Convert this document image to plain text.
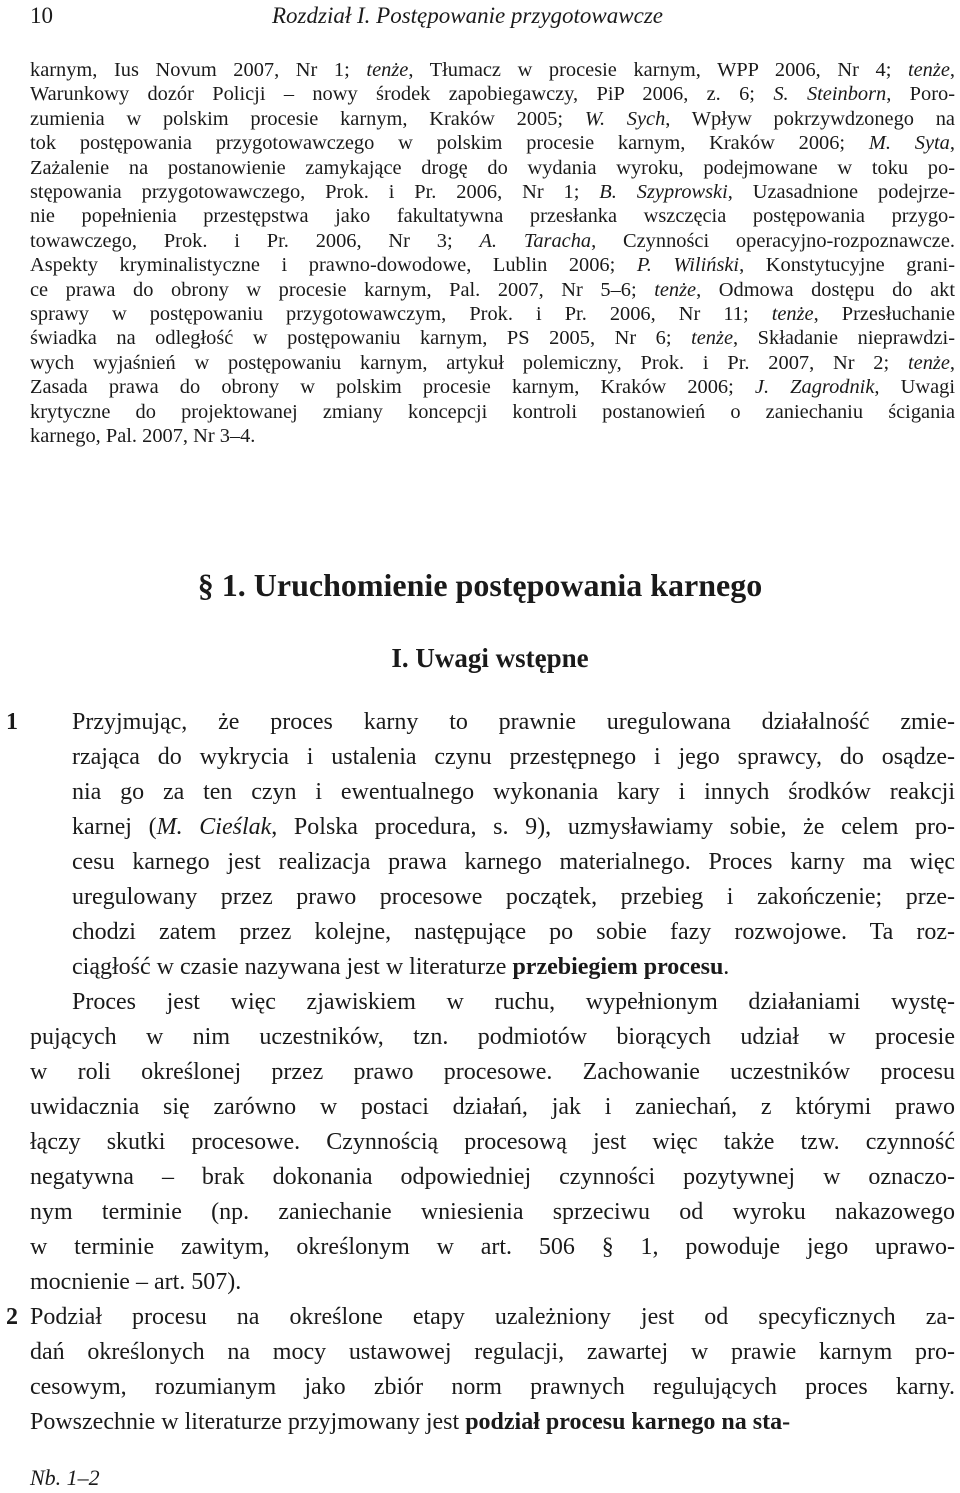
10	Rozdział I. Postępowanie przygotowawcze
karnym, Ius Novum 2007, Nr 1; tenże, Tłumacz w procesie karnym, WPP 2006, Nr 4; tenże,
Warunkowy dozór Policji – nowy środek zapobiegawczy, PiP 2006, z. 6; S. Steinborn, Poro-
zumienia w polskim procesie karnym, Kraków 2005; W. Sych, Wpływ pokrzywdzonego na
tok postępowania przygotowawczego w polskim procesie karnym, Kraków 2006; M. Syta,
Zażalenie na postanowienie zamykające drogę do wydania wyroku, podejmowane w toku po-
stępowania przygotowawczego, Prok. i Pr. 2006, Nr 1; B. Szyprowski, Uzasadnione podejrze-
nie popełnienia przestępstwa jako fakultatywna przesłanka wszczęcia postępowania przygo-
towawczego, Prok. i Pr. 2006, Nr 3; A. Taracha, Czynności operacyjno-rozpoznawcze.
Aspekty kryminalistyczne i prawno-dowodowe, Lublin 2006; P. Wiliński, Konstytucyjne grani-
ce prawa do obrony w procesie karnym, Pal. 2007, Nr 5–6; tenże, Odmowa dostępu do akt
sprawy w postępowaniu przygotowawczym, Prok. i Pr. 2006, Nr 11; tenże, Przesłuchanie
świadka na odległość w postępowaniu karnym, PS 2005, Nr 6; tenże, Składanie nieprawdzi-
wych wyjaśnień w postępowaniu karnym, artykuł polemiczny, Prok. i Pr. 2007, Nr 2; tenże,
Zasada prawa do obrony w polskim procesie karnym, Kraków 2006; J. Zagrodnik, Uwagi
krytyczne do projektowanej zmiany koncepcji kontroli postanowień o zaniechaniu ścigania
karnego, Pal. 2007, Nr 3–4.
§ 1. Uruchomienie postępowania karnego
I. Uwagi wstępne
1 Przyjmując, że proces karny to prawnie uregulowana działalność zmie-
rzająca do wykrycia i ustalenia czynu przestępnego i jego sprawcy, do osądze-
nia go za ten czyn i ewentualnego wykonania kary i innych środków reakcji
karnej (M. Cieślak, Polska procedura, s. 9), uzmysławiamy sobie, że celem pro-
cesu karnego jest realizacja prawa karnego materialnego. Proces karny ma więc
uregulowany przez prawo procesowe początek, przebieg i zakończenie; prze-
chodzi zatem przez kolejne, następujące po sobie fazy rozwojowe. Ta roz-
ciągłość w czasie nazywana jest w literaturze przebiegiem procesu.
Proces jest więc zjawiskiem w ruchu, wypełnionym działaniami wystę-
pujących w nim uczestników, tzn. podmiotów biorących udział w procesie
w roli określonej przez prawo procesowe. Zachowanie uczestników procesu
uwidacznia się zarówno w postaci działań, jak i zaniechań, z którymi prawo
łączy skutki procesowe. Czynnością procesową jest więc także tzw. czynność
negatywna – brak dokonania odpowiedniej czynności pozytywnej w oznaczo-
nym terminie (np. zaniechanie wniesienia sprzeciwu od wyroku nakazowego
w terminie zawitym, określonym w art. 506 § 1, powoduje jego uprawo-
mocnienie – art. 507).
2 Podział procesu na określone etapy uzależniony jest od specyficznych za-
dań określonych na mocy ustawowej regulacji, zawartej w prawie karnym pro-
cesowym, rozumianym jako zbiór norm prawnych regulujących proces karny.
Powszechnie w literaturze przyjmowany jest podział procesu karnego na sta-
Nb. 1–2
